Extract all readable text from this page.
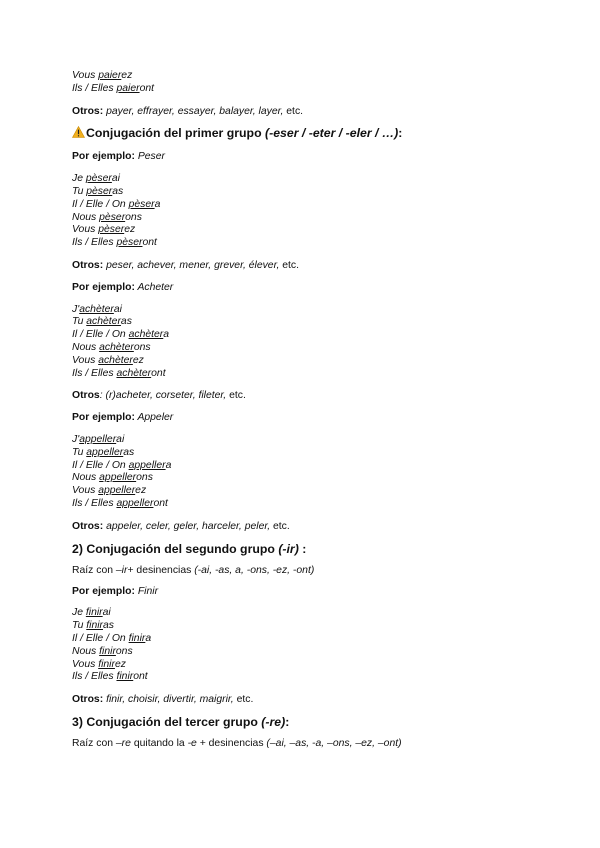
Vous paierez
Ils / Elles paieront
Otros: payer, effrayer, essayer, balayer, layer, etc.
Conjugación del primer grupo (-eser / -eter / -eler / …):
Por ejemplo: Peser
Je pèserai
Tu pèseras
Il / Elle / On pèsera
Nous pèserons
Vous pèserez
Ils / Elles pèseront
Otros: peser, achever, mener, grever, élever, etc.
Por ejemplo: Acheter
J'achèterai
Tu achèteras
Il / Elle / On achètera
Nous achèterons
Vous achèterez
Ils / Elles achèteront
Otros: (r)acheter, corseter, fileter, etc.
Por ejemplo: Appeler
J'appellerai
Tu appelleras
Il / Elle / On appellera
Nous appellerons
Vous appellerez
Ils / Elles appelleront
Otros: appeler, celer, geler, harceler, peler, etc.
2) Conjugación del segundo grupo (-ir) :
Raíz con –ir+ desinencias (-ai, -as, a, -ons, -ez, -ont)
Por ejemplo: Finir
Je finirai
Tu finiras
Il / Elle / On finira
Nous finirons
Vous finirez
Ils / Elles finiront
Otros: finir, choisir, divertir, maigrir, etc.
3) Conjugación del tercer grupo (-re):
Raíz con –re quitando la -e + desinencias (–ai, –as, -a, –ons, –ez, –ont)
